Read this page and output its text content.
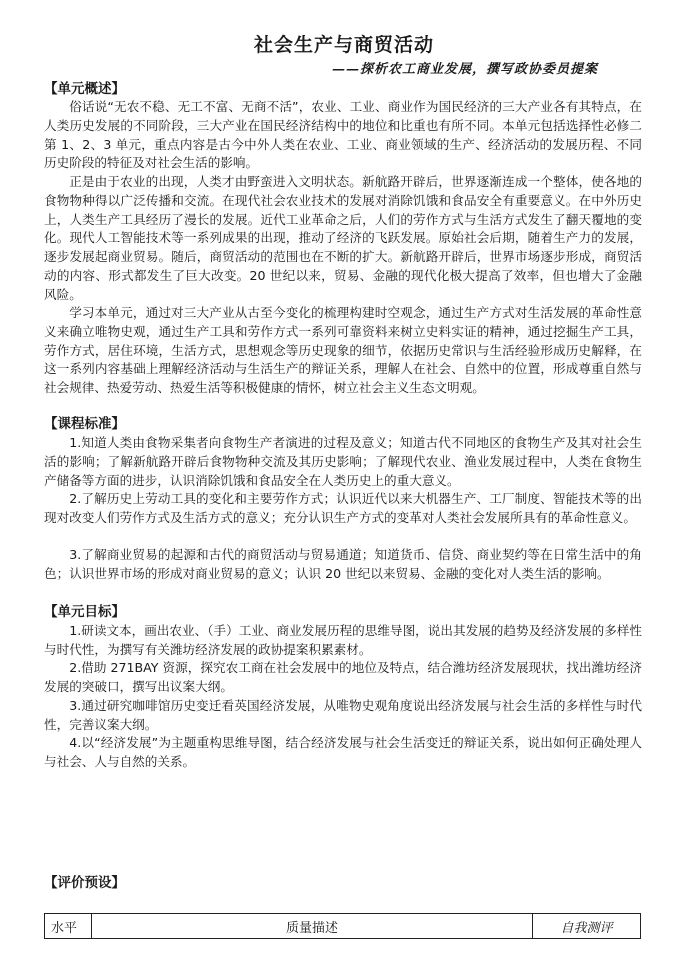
社会生产与商贸活动
——探析农工商业发展，撰写政协委员提案
【单元概述】

俗话说“无农不稳、无工不富、无商不活”，农业、工业、商业作为国民经济的三大产业各有其特点，在人类历史发展的不同阶段，三大产业在国民经济结构中的地位和比重也有所不同。本单元包括选择性必修二第 1、2、3 单元，重点内容是古今中外人类在农业、工业、商业领域的生产、经济活动的发展历程、不同历史阶段的特征及对社会生活的影响。

正是由于农业的出现，人类才由野蛮进入文明状态。新航路开辟后，世界逐渐连成一个整体，使各地的食物物种得以广泛传播和交流。在现代社会农业技术的发展对消除饥饿和食品安全有重要意义。在中外历史上，人类生产工具经历了漫长的发展。近代工业革命之后，人们的劳作方式与生活方式发生了翻天覆地的变化。现代人工智能技术等一系列成果的出现，推动了经济的飞跃发展。原始社会后期，随着生产力的发展，逐步发展起商业贸易。随后，商贸活动的范围也在不断的扩大。新航路开辟后，世界市场逐步形成，商贸活动的内容、形式都发生了巨大改变。20 世纪以来，贸易、金融的现代化极大提高了效率，但也增大了金融风险。

学习本单元，通过对三大产业从古至今变化的梳理构建时空观念，通过生产方式对生活发展的革命性意义来确立唯物史观，通过生产工具和劳作方式一系列可靠资料来树立史料实证的精神，通过挖掘生产工具，劳作方式，居住环境，生活方式，思想观念等历史现象的细节，依据历史常识与生活经验形成历史解释，在这一系列内容基础上理解经济活动与生活生产的辩证关系，理解人在社会、自然中的位置，形成尊重自然与社会规律、热爱劳动、热爱生活等积极健康的情怀，树立社会主义生态文明观。

【课程标准】

1.知道人类由食物采集者向食物生产者演进的过程及意义；知道古代不同地区的食物生产及其对社会生活的影响；了解新航路开辟后食物物种交流及其历史影响；了解现代农业、渔业发展过程中，人类在食物生产储备等方面的进步，认识消除饥饿和食品安全在人类历史上的重大意义。

2.了解历史上劳动工具的变化和主要劳作方式；认识近代以来大机器生产、工厂制度、智能技术等的出现对改变人们劳作方式及生活方式的意义；充分认识生产方式的变革对人类社会发展所具有的革命性意义。

3.了解商业贸易的起源和古代的商贸活动与贸易通道；知道货币、信贷、商业契约等在日常生活中的角色；认识世界市场的形成对商业贸易的意义；认识 20 世纪以来贸易、金融的变化对人类生活的影响。

【单元目标】

1.研读文本，画出农业、（手）工业、商业发展历程的思维导图，说出其发展的趋势及经济发展的多样性与时代性，为撰写有关潍坊经济发展的政协提案积累素材。

2.借助 271BAY 资源，探究农工商在社会发展中的地位及特点，结合潍坊经济发展现状，找出潍坊经济发展的突破口，撰写出议案大纲。

3.通过研究咖啡馆历史变迁看英国经济发展，从唯物史观角度说出经济发展与社会生活的多样性与时代性，完善议案大纲。

4.以“经济发展”为主题重构思维导图，结合经济发展与社会生活变迁的辩证关系，说出如何正确处理人与社会、人与自然的关系。

【评价预设】
水平	质量描述	自我测评
